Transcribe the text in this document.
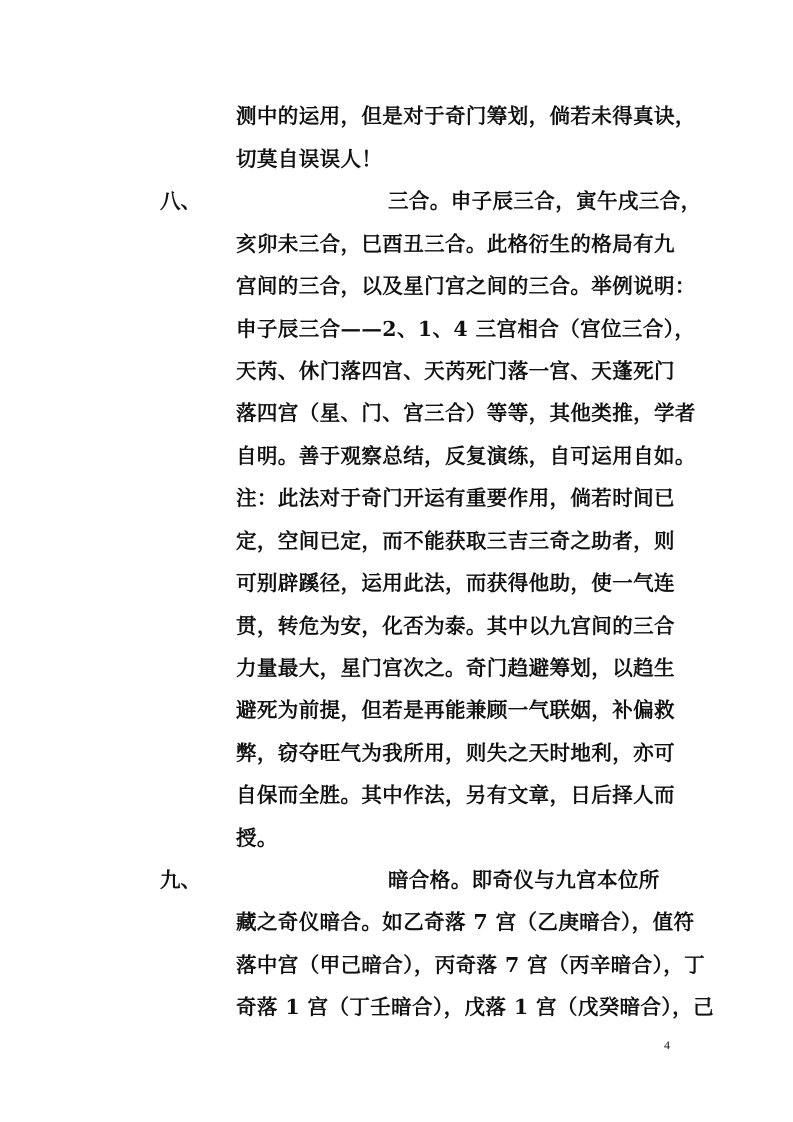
测中的运用，但是对于奇门筹划，倘若未得真诀，
切莫自误误人！
八、	三合。申子辰三合，寅午戌三合，
亥卯未三合，巳酉丑三合。此格衍生的格局有九
宫间的三合，以及星门宫之间的三合。举例说明：
申子辰三合——2、1、4 三宫相合（宫位三合），
天芮、休门落四宫、天芮死门落一宫、天蓬死门
落四宫（星、门、宫三合）等等，其他类推，学者
自明。善于观察总结，反复演练，自可运用自如。
注：此法对于奇门开运有重要作用，倘若时间已
定，空间已定，而不能获取三吉三奇之助者，则
可别辟蹊径，运用此法，而获得他助，使一气连
贯，转危为安，化否为泰。其中以九宫间的三合
力量最大，星门宫次之。奇门趋避筹划，以趋生
避死为前提，但若是再能兼顾一气联姻，补偏救
弊，窃夺旺气为我所用，则失之天时地利，亦可
自保而全胜。其中作法，另有文章，日后择人而
授。
九、	暗合格。即奇仪与九宫本位所
藏之奇仪暗合。如乙奇落 7 宫（乙庚暗合），值符
落中宫（甲己暗合），丙奇落 7 宫（丙辛暗合），丁
奇落 1 宫（丁壬暗合），戊落 1 宫（戊癸暗合），己
4
